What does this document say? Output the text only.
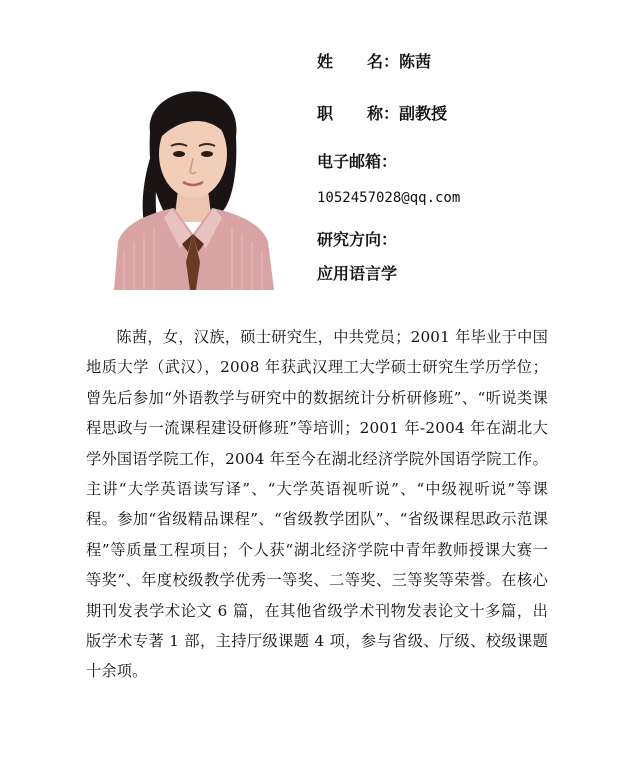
姓 名：陈茜
职 称：副教授
电子邮箱：
1052457028@qq.com
研究方向：
应用语言学
陈茜，女，汉族，硕士研究生，中共党员；2001 年毕业于中国地质大学（武汉），2008 年获武汉理工大学硕士研究生学历学位；曾先后参加“外语教学与研究中的数据统计分析研修班”、“听说类课程思政与一流课程建设研修班”等培训；2001 年-2004 年在湖北大学外国语学院工作，2004 年至今在湖北经济学院外国语学院工作。主讲“大学英语读写译”、“大学英语视听说”、“中级视听说”等课程。参加“省级精品课程”、“省级教学团队”、“省级课程思政示范课程”等质量工程项目；个人获“湖北经济学院中青年教师授课大赛一等奖”、年度校级教学优秀一等奖、二等奖、三等奖等荣誉。在核心期刊发表学术论文 6 篇，在其他省级学术刊物发表论文十多篇，出版学术专著 1 部，主持厅级课题 4 项，参与省级、厅级、校级课题十余项。
